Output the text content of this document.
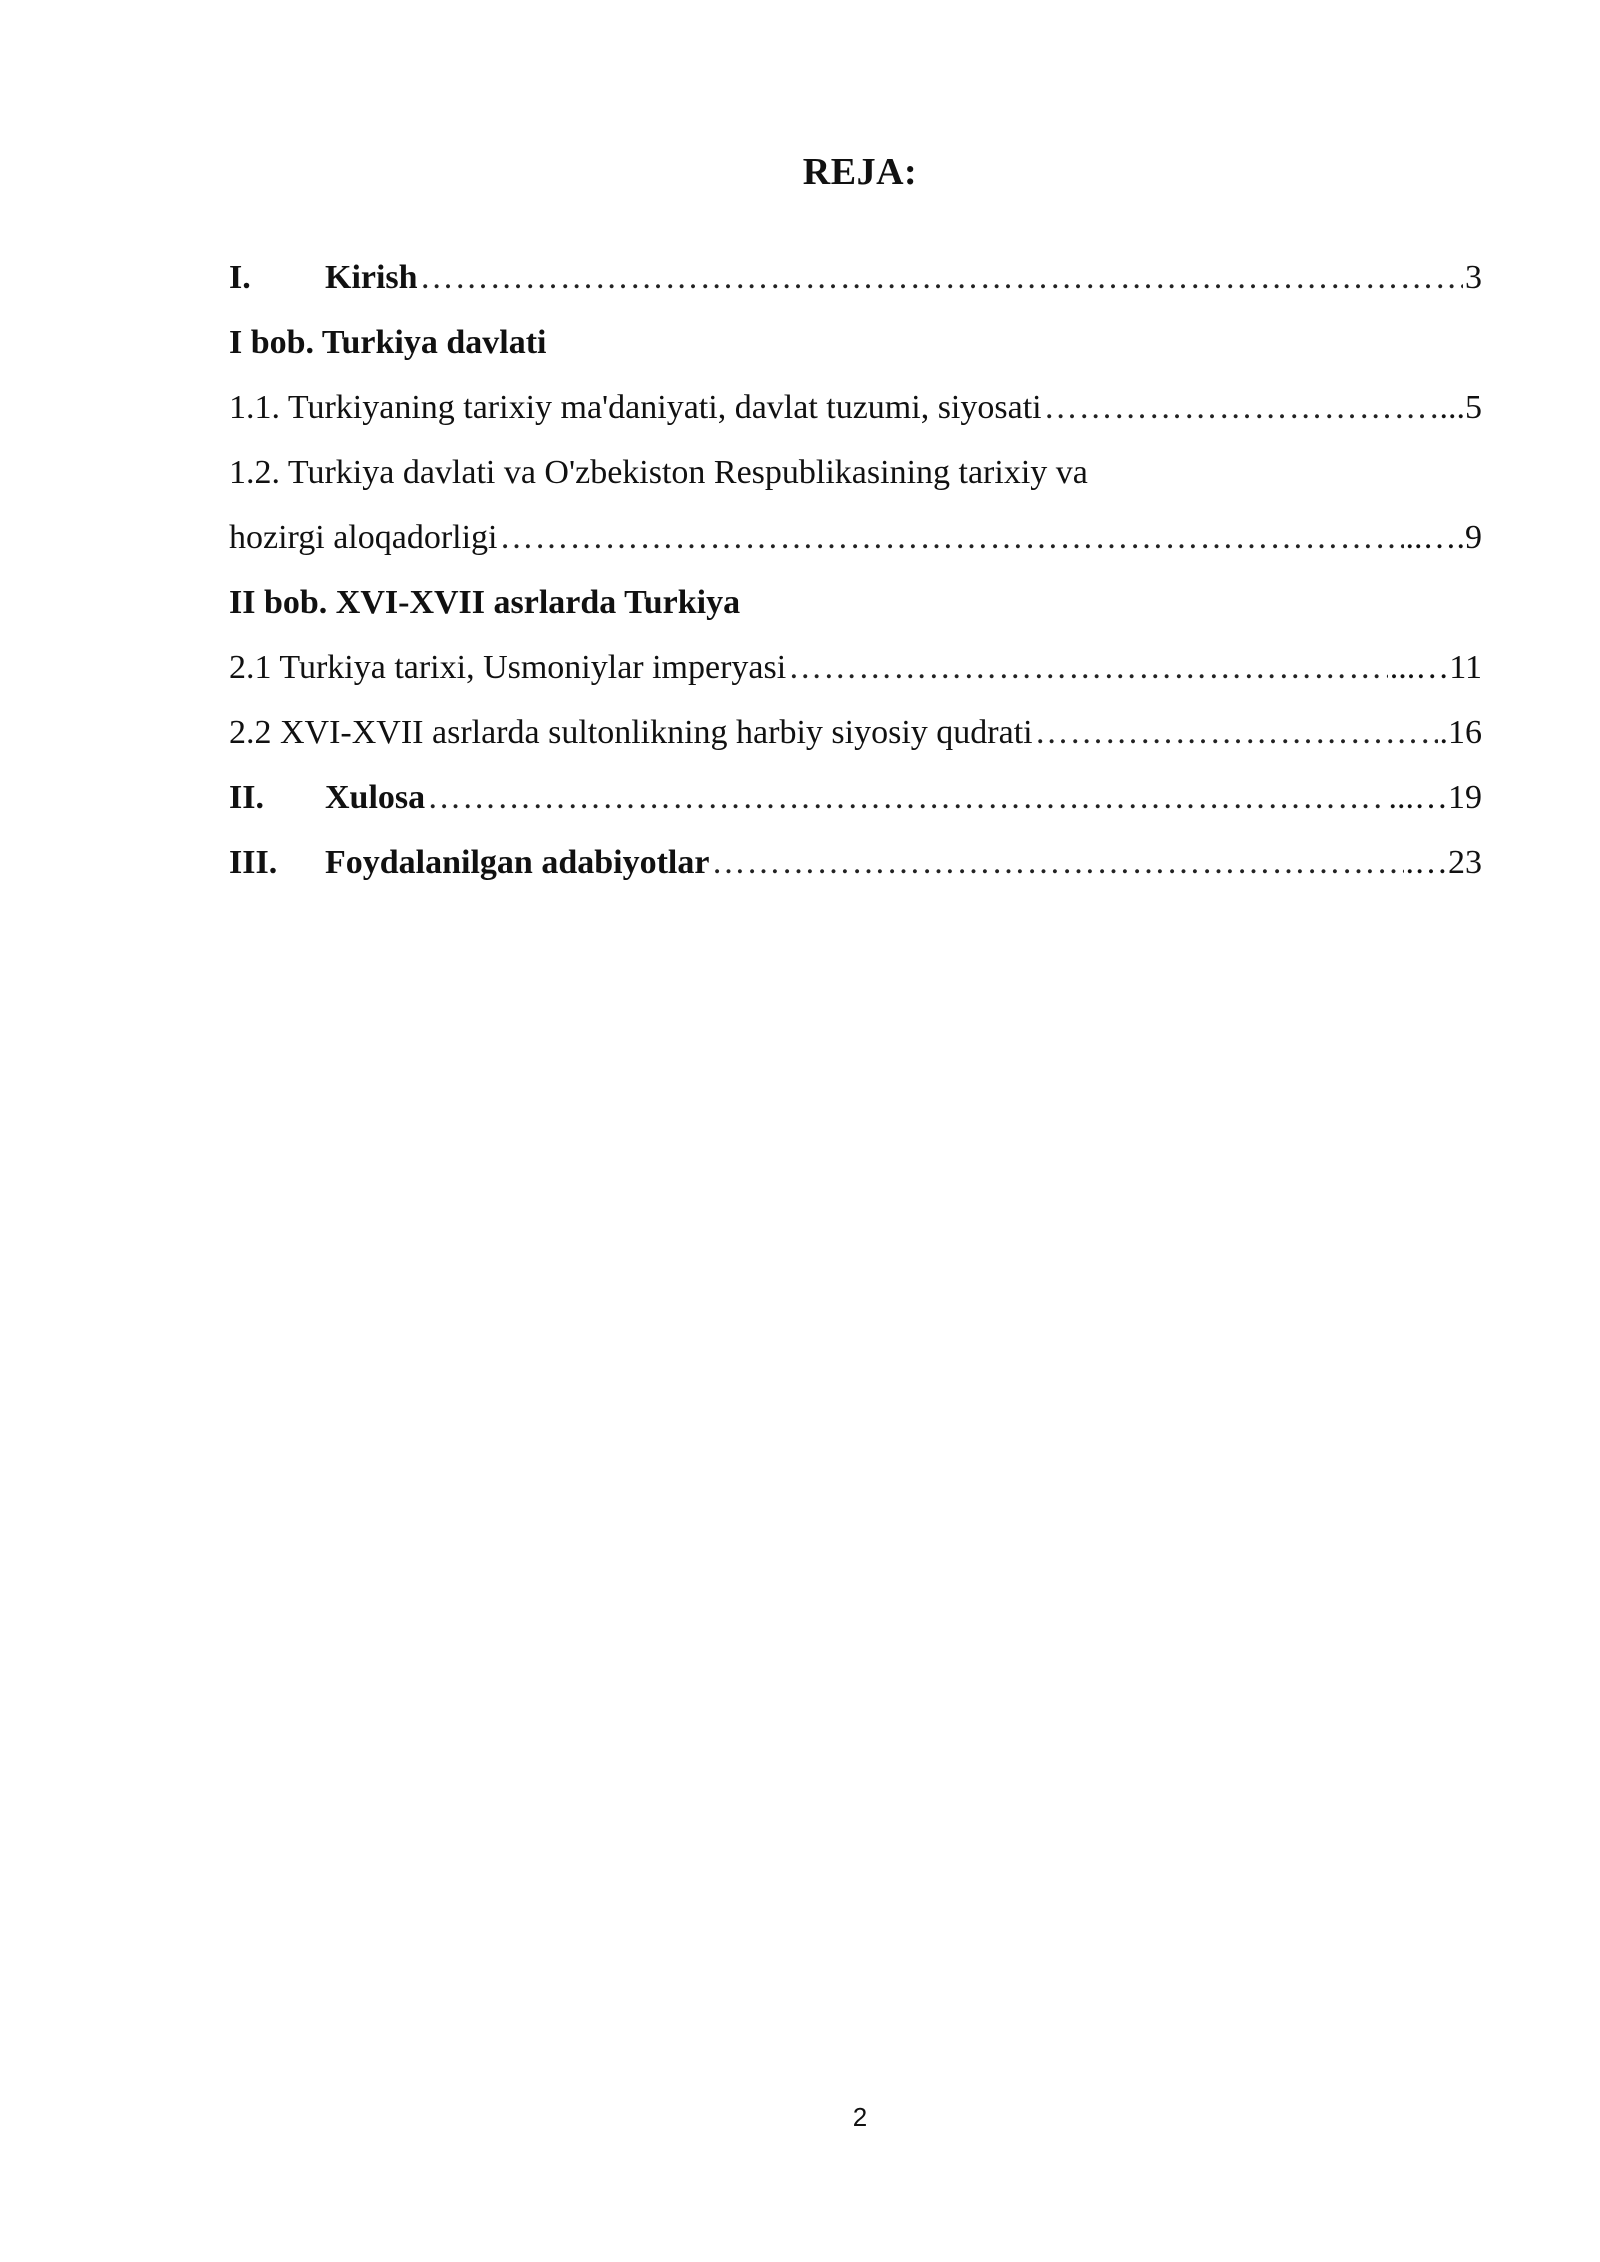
REJA:
I.	Kirish …………………………………………………………………………………………………………………………………………………………………………………………	3
I bob. Turkiya davlati
1.1. Turkiyaning tarixiy ma'daniyati, davlat tuzumi, siyosati …………………………………………………………………………………………………………………………………………………………………………………………	...5
1.2. Turkiya davlati va O'zbekiston Respublikasining tarixiy va
hozirgi aloqadorligi …………………………………………………………………………………………………………………………………………………………………………………………	..….9
II bob. XVI-XVII asrlarda Turkiya
2.1 Turkiya tarixi, Usmoniylar imperyasi …………………………………………………………………………………………………………………………………………………………………………………………	...…11
2.2 XVI-XVII asrlarda sultonlikning harbiy siyosiy qudrati …………………………………………………………………………………………………………………………………………………………………………………………	.16
II.	Xulosa …………………………………………………………………………………………………………………………………………………………………………………………	...…19
III.	Foydalanilgan adabiyotlar …………………………………………………………………………………………………………………………………………………………………………………………	.…23
2
